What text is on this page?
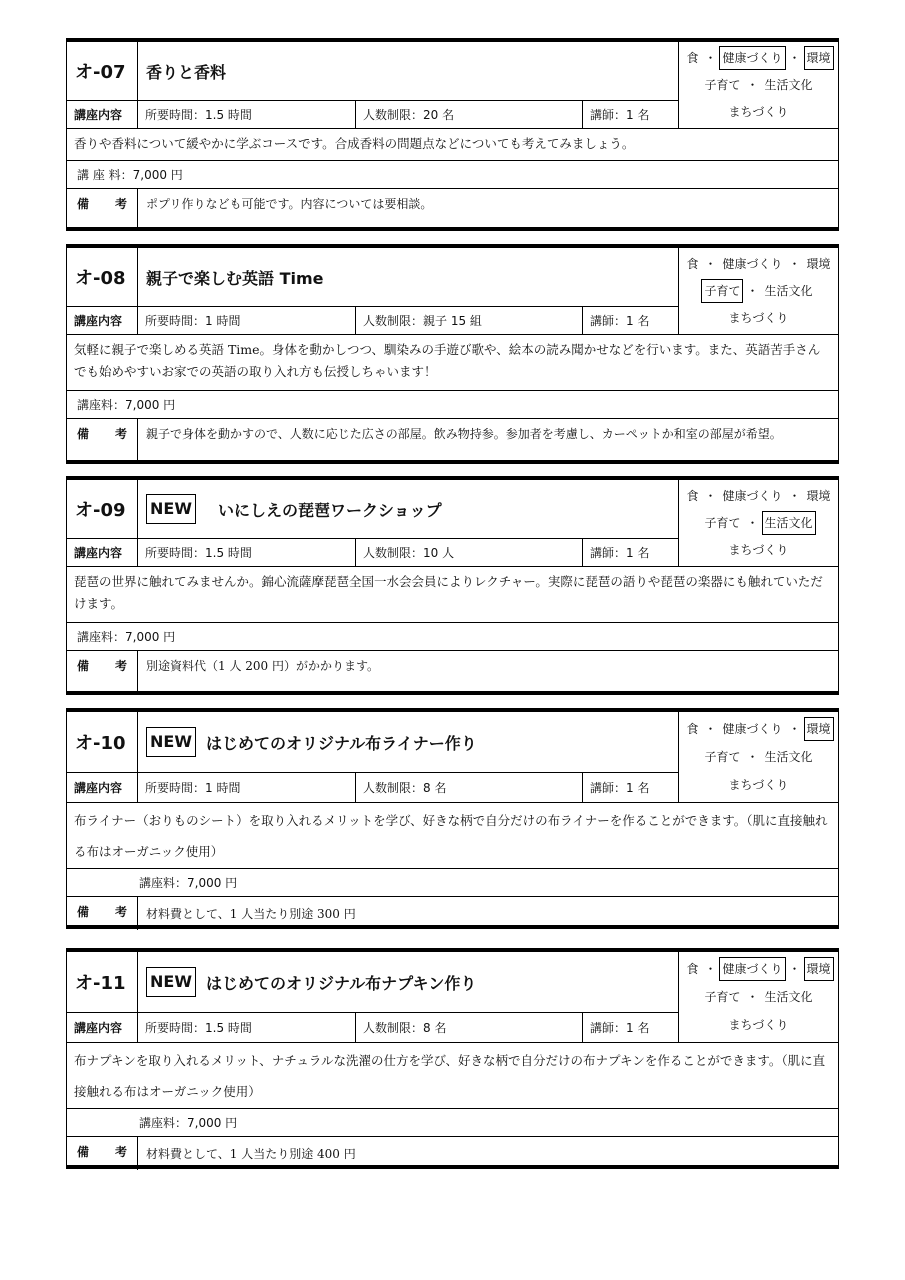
オ-07	香りと香料
講座内容	所要時間：1.5 時間	人数制限：20 名	講師：1 名
食 ・ 健康づくり ・ 環境
子育て ・ 生活文化
まちづくり
香りや香料について緩やかに学ぶコースです。合成香料の問題点などについても考えてみましょう。
講 座 料：7,000 円
備 考	ポプリ作りなども可能です。内容については要相談。
オ-08	親子で楽しむ英語 Time
講座内容	所要時間：1 時間	人数制限：親子 15 組	講師：1 名
食 ・ 健康づくり ・ 環境
子育て ・ 生活文化
まちづくり
気軽に親子で楽しめる英語 Time。身体を動かしつつ、馴染みの手遊び歌や、絵本の読み聞かせなどを行います。また、英語苦手さんでも始めやすいお家での英語の取り入れ方も伝授しちゃいます！
講座料：7,000 円
備 考	親子で身体を動かすので、人数に応じた広さの部屋。飲み物持参。参加者を考慮し、カーペットか和室の部屋が希望。
オ-09	NEW いにしえの琵琶ワークショップ
講座内容	所要時間：1.5 時間	人数制限：10 人	講師：1 名
食 ・ 健康づくり ・ 環境
子育て ・ 生活文化
まちづくり
琵琶の世界に触れてみませんか。錦心流薩摩琵琶全国一水会会員によりレクチャー。実際に琵琶の語りや琵琶の楽器にも触れていただけます。
講座料：7,000 円
備 考	別途資料代（1 人 200 円）がかかります。
オ-10	NEW はじめてのオリジナル布ライナー作り
講座内容	所要時間：1 時間	人数制限：8 名	講師：1 名
食 ・ 健康づくり ・ 環境
子育て ・ 生活文化
まちづくり
布ライナー（おりものシート）を取り入れるメリットを学び、好きな柄で自分だけの布ライナーを作ることができます。（肌に直接触れる布はオーガニック使用）
講座料：7,000 円
備 考	材料費として、1 人当たり別途 300 円
オ-11	NEW はじめてのオリジナル布ナプキン作り
講座内容	所要時間：1.5 時間	人数制限：8 名	講師：1 名
食 ・ 健康づくり ・ 環境
子育て ・ 生活文化
まちづくり
布ナプキンを取り入れるメリット、ナチュラルな洗濯の仕方を学び、好きな柄で自分だけの布ナプキンを作ることができます。（肌に直接触れる布はオーガニック使用）
講座料：7,000 円
備 考	材料費として、1 人当たり別途 400 円
